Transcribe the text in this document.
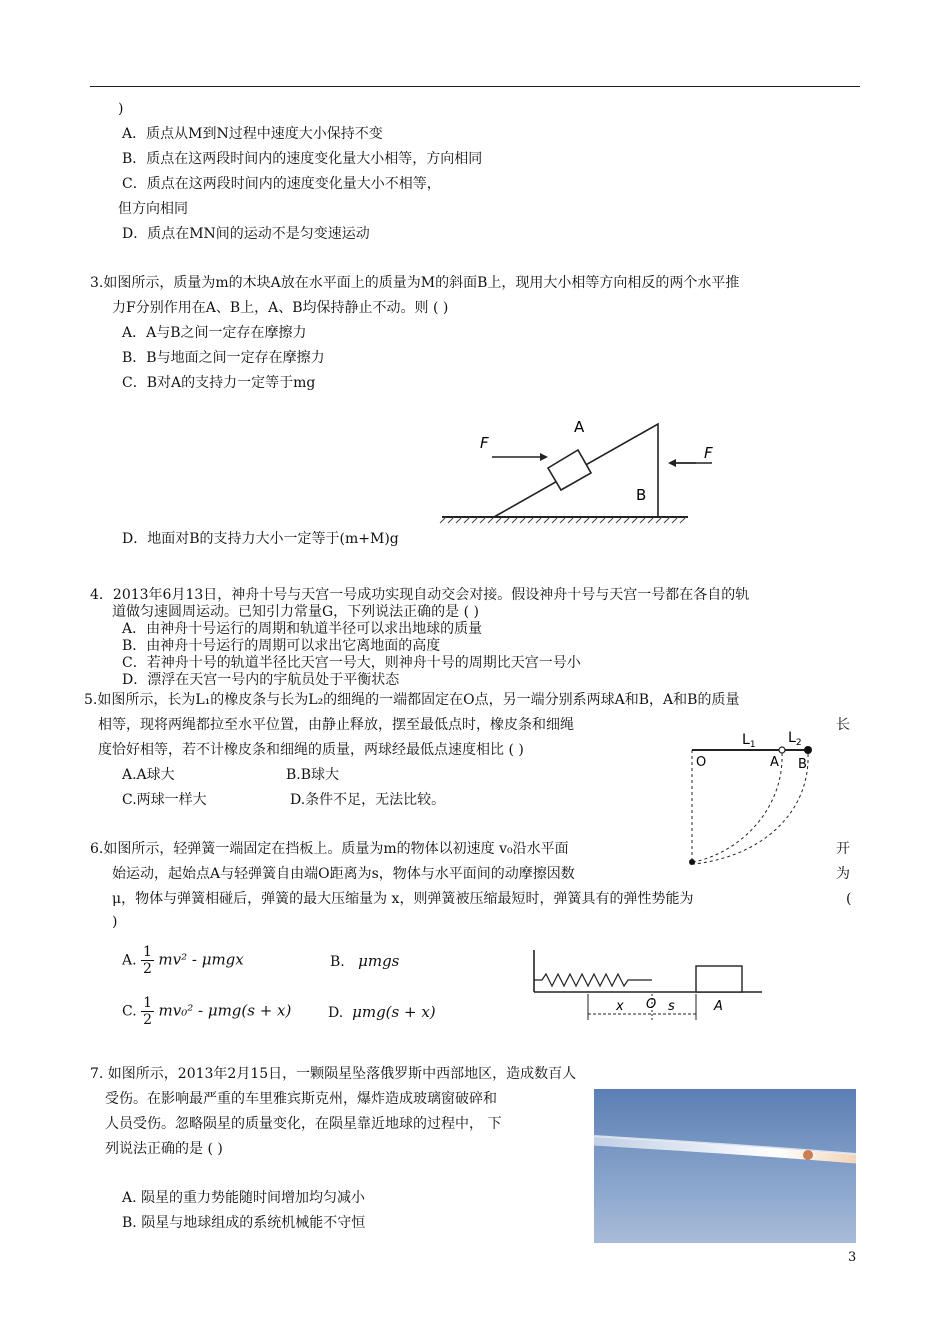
)
A．质点从M到N过程中速度大小保持不变
B．质点在这两段时间内的速度变化量大小相等，方向相同
C．质点在这两段时间内的速度变化量大小不相等，
但方向相同
D．质点在MN间的运动不是匀变速运动
3.如图所示，质量为m的木块A放在水平面上的质量为M的斜面B上，现用大小相等方向相反的两个水平推
力F分别作用在A、B上，A、B均保持静止不动。则 ( )
A．A与B之间一定存在摩擦力
B．B与地面之间一定存在摩擦力
C．B对A的支持力一定等于mg
D．地面对B的支持力大小一定等于(m+M)g
4．2013年6月13日，神舟十号与天宫一号成功实现自动交会对接。假设神舟十号与天宫一号都在各自的轨
道做匀速圆周运动。已知引力常量G，下列说法正确的是 ( )
A．由神舟十号运行的周期和轨道半径可以求出地球的质量
B．由神舟十号运行的周期可以求出它离地面的高度
C．若神舟十号的轨道半径比天宫一号大，则神舟十号的周期比天宫一号小
D．漂浮在天宫一号内的宇航员处于平衡状态
5.如图所示，长为L₁的橡皮条与长为L₂的细绳的一端都固定在O点，另一端分别系两球A和B，A和B的质量
相等，现将两绳都拉至水平位置，由静止释放，摆至最低点时，橡皮条和细绳	长
度恰好相等，若不计橡皮条和细绳的质量，两球经最低点速度相比 ( )
A.A球大	B.B球大
C.两球一样大	D.条件不足，无法比较。
6.如图所示，轻弹簧一端固定在挡板上。质量为m的物体以初速度 v₀沿水平面	开
始运动，起始点A与轻弹簧自由端O距离为s，物体与水平面间的动摩擦因数	为
μ，物体与弹簧相碰后，弹簧的最大压缩量为 x，则弹簧被压缩最短时，弹簧具有的弹性势能为	(
)
7. 如图所示，2013年2月15日，一颗陨星坠落俄罗斯中西部地区，造成数百人
受伤。在影响最严重的车里雅宾斯克州，爆炸造成玻璃窗破碎和
人员受伤。忽略陨星的质量变化，在陨星靠近地球的过程中， 下
列说法正确的是 ( )
A. 陨星的重力势能随时间增加均匀减小
B. 陨星与地球组成的系统机械能不守恒
A. $\frac{1}{2} mv^2$ - μmgx	B. μmgs
C. $\frac{1}{2} mv_0^2 - \mu mg(s + x)$	D. μmg(s + x)
F
A
B
F
$L_1$ $L_2$
O	A B
x O s	A
3
